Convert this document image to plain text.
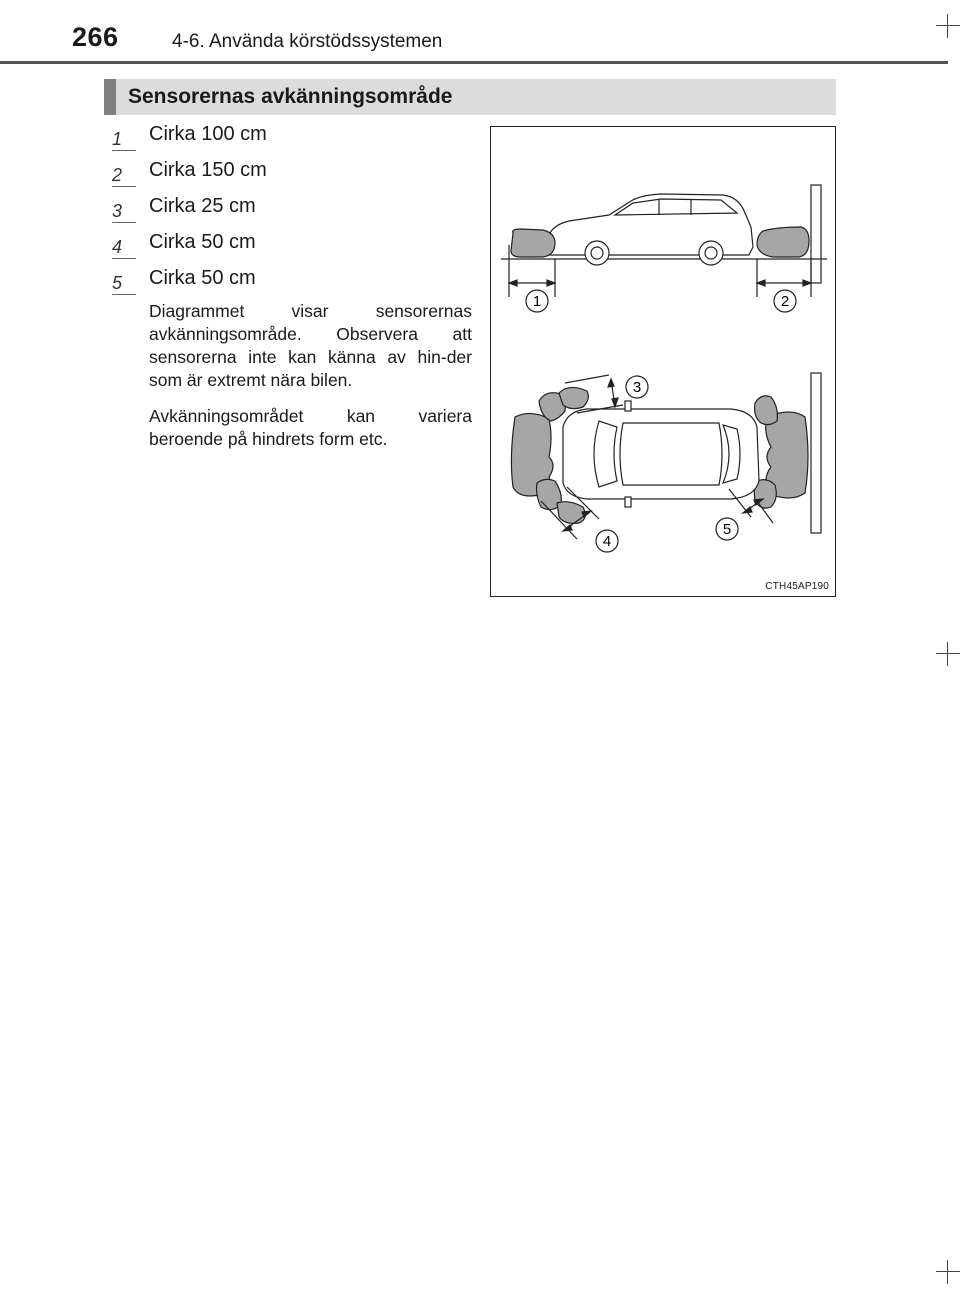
266	4-6. Använda körstödssystemen
Sensorernas avkänningsområde
1	Cirka 100 cm
2	Cirka 150 cm
3	Cirka 25 cm
4	Cirka 50 cm
5	Cirka 50 cm

Diagrammet visar sensorernas avkänningsområde. Observera att sensorerna inte kan känna av hin-der som är extremt nära bilen.

Avkänningsområdet kan variera beroende på hindrets form etc.

1	2
3
4
5
CTH45AP190
